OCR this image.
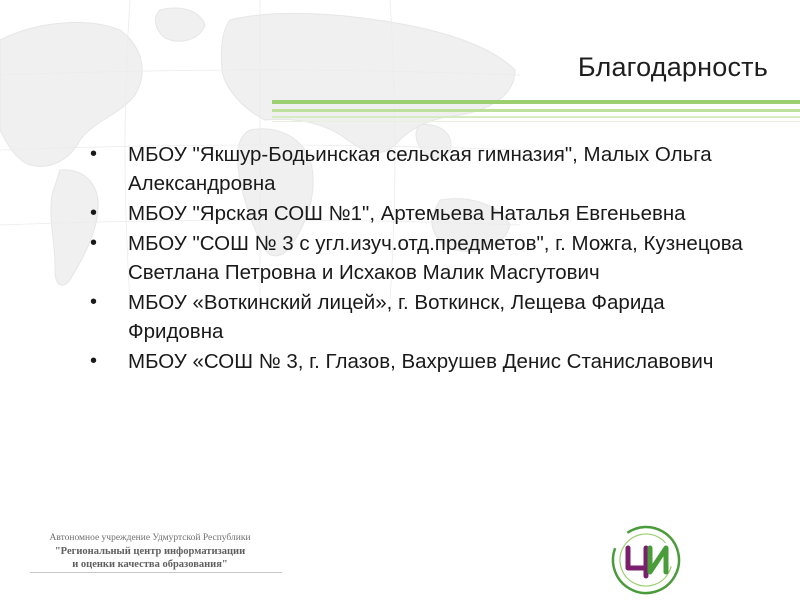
Благодарность
• МБОУ "Якшур-Бодьинская сельская гимназия", Малых Ольга Александровна
• МБОУ "Ярская СОШ №1", Артемьева Наталья Евгеньевна
• МБОУ "СОШ № 3 с угл.изуч.отд.предметов", г. Можга, Кузнецова Светлана Петровна и Исхаков Малик Масгутович
• МБОУ «Воткинский лицей», г. Воткинск, Лещева Фарида Фридовна
• МБОУ «СОШ № 3, г. Глазов, Вахрушев Денис Станиславович
Автономное учреждение Удмуртской Республики
"Региональный центр информатизации
и оценки качества образования"
